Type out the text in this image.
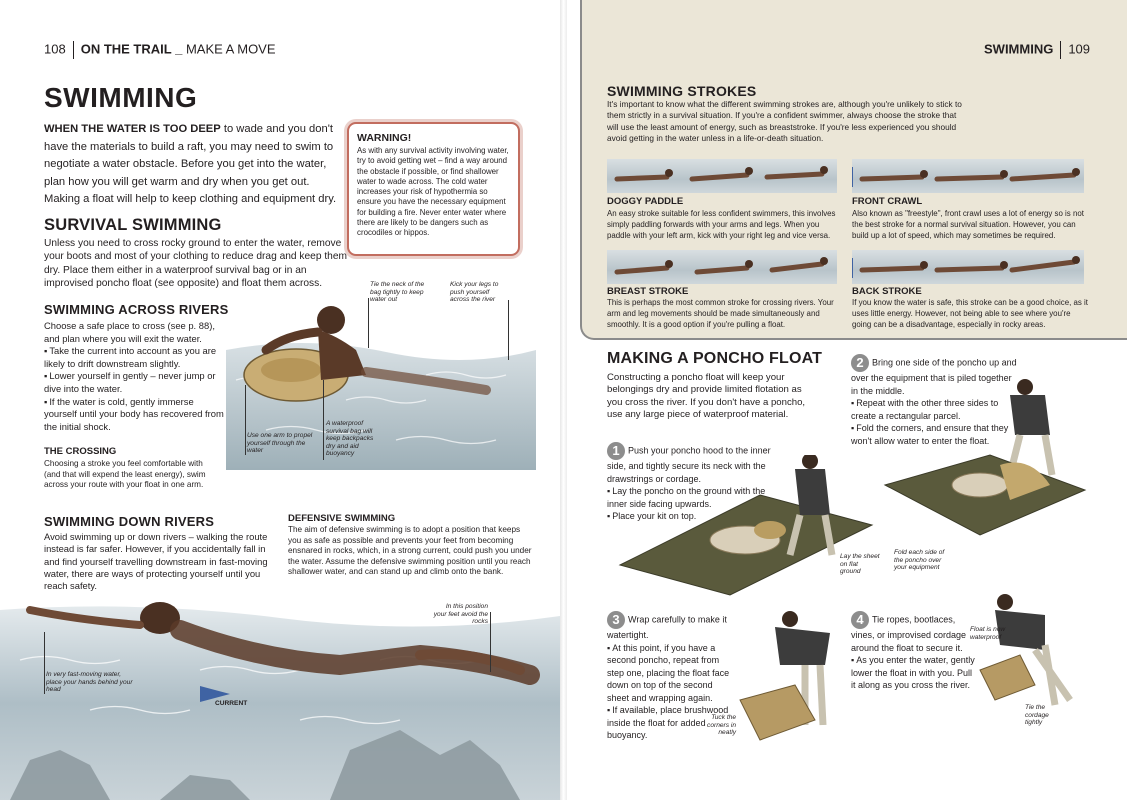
108 ON THE TRAIL _ MAKE A MOVE
SWIMMING
WHEN THE WATER IS TOO DEEP to wade and you don't have the materials to build a raft, you may need to swim to negotiate a water obstacle. Before you get into the water, plan how you will get warm and dry when you get out. Making a float will help to keep clothing and equipment dry.
WARNING!
As with any survival activity involving water, try to avoid getting wet – find a way around the obstacle if possible, or find shallower water to wade across. The cold water increases your risk of hypothermia so ensure you have the necessary equipment for building a fire. Never enter water where there are likely to be dangers such as crocodiles or hippos.
SURVIVAL SWIMMING
Unless you need to cross rocky ground to enter the water, remove your boots and most of your clothing to reduce drag and keep them dry. Place them either in a waterproof survival bag or in an improvised poncho float (see opposite) and float them across.
SWIMMING ACROSS RIVERS
Choose a safe place to cross (see p. 88), and plan where you will exit the water.
▪ Take the current into account as you are likely to drift downstream slightly.
▪ Lower yourself in gently – never jump or dive into the water.
▪ If the water is cold, gently immerse yourself until your body has recovered from the initial shock.
THE CROSSING
Choosing a stroke you feel comfortable with (and that will expend the least energy), swim across your route with your float in one arm.
Tie the neck of the bag tightly to keep water out
Kick your legs to push yourself across the river
Use one arm to propel yourself through the water
A waterproof survival bag will keep backpacks dry and aid buoyancy
SWIMMING DOWN RIVERS
Avoid swimming up or down rivers – walking the route instead is far safer. However, if you accidentally fall in and find yourself travelling downstream in fast-moving water, there are ways of protecting yourself until you reach safety.
DEFENSIVE SWIMMING
The aim of defensive swimming is to adopt a position that keeps you as safe as possible and prevents your feet from becoming ensnared in rocks, which, in a strong current, could push you under the water. Assume the defensive swimming position until you reach shallower water, and can stand up and climb onto the bank.
In very fast-moving water, place your hands behind your head
In this position your feet avoid the rocks
CURRENT
SWIMMING 109
SWIMMING STROKES
It's important to know what the different swimming strokes are, although you're unlikely to stick to them strictly in a survival situation. If you're a confident swimmer, always choose the stroke that will use the least amount of energy, such as breaststroke. If you're less experienced you should avoid getting in the water unless in a life-or-death situation.
DOGGY PADDLE
An easy stroke suitable for less confident swimmers, this involves simply paddling forwards with your arms and legs. When you paddle with your left arm, kick with your right leg and vice versa.
FRONT CRAWL
Also known as "freestyle", front crawl uses a lot of energy so is not the best stroke for a normal survival situation. However, you can build up a lot of speed, which may sometimes be required.
BREAST STROKE
This is perhaps the most common stroke for crossing rivers. Your arm and leg movements should be made simultaneously and smoothly. It is a good option if you're pulling a float.
BACK STROKE
If you know the water is safe, this stroke can be a good choice, as it uses little energy. However, not being able to see where you're going can be a disadvantage, especially in rocky areas.
MAKING A PONCHO FLOAT
Constructing a poncho float will keep your belongings dry and provide limited flotation as you cross the river. If you don't have a poncho, use any large piece of waterproof material.
1 Push your poncho hood to the inner side, and tightly secure its neck with the drawstrings or cordage.
▪ Lay the poncho on the ground with the inner side facing upwards.
▪ Place your kit on top.
Lay the sheet on flat ground
2 Bring one side of the poncho up and over the equipment that is piled together in the middle.
▪ Repeat with the other three sides to create a rectangular parcel.
▪ Fold the corners, and ensure that they won't allow water to enter the float.
Fold each side of the poncho over your equipment
3 Wrap carefully to make it watertight.
▪ At this point, if you have a second poncho, repeat from step one, placing the float face down on top of the second sheet and wrapping again.
▪ If available, place brushwood inside the float for added buoyancy.
Tuck the corners in neatly
4 Tie ropes, bootlaces, vines, or improvised cordage around the float to secure it.
▪ As you enter the water, gently lower the float in with you. Pull it along as you cross the river.
Float is now waterproof
Tie the cordage tightly
